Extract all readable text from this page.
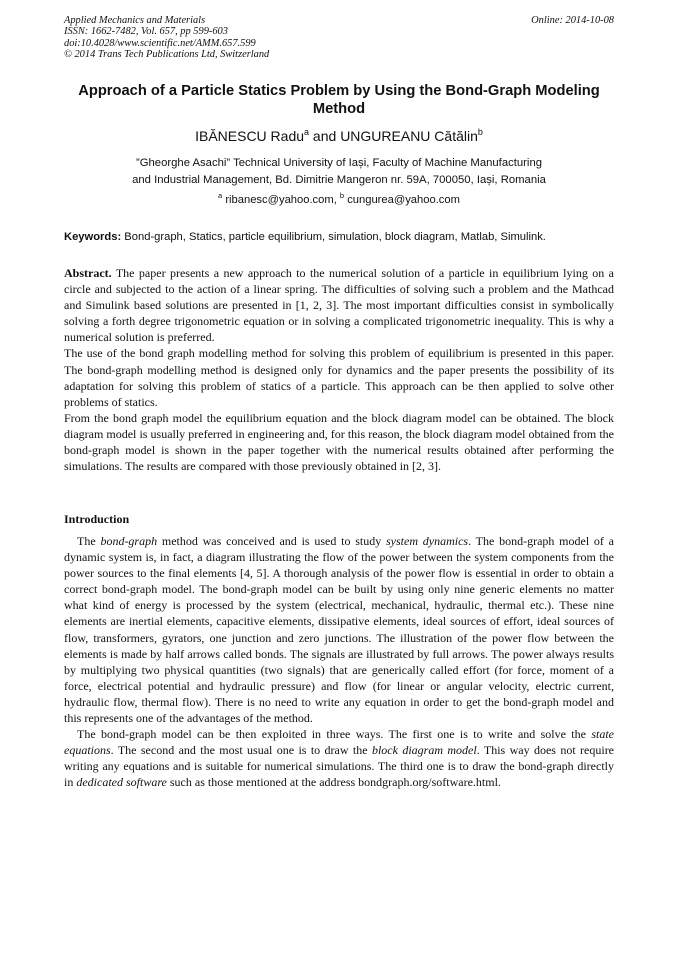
Applied Mechanics and Materials
ISSN: 1662-7482, Vol. 657, pp 599-603
doi:10.4028/www.scientific.net/AMM.657.599
© 2014 Trans Tech Publications Ltd, Switzerland
Online: 2014-10-08
Approach of a Particle Statics Problem by Using the Bond-Graph Modeling Method
IBĂNESCU Radu$^a$ and UNGUREANU Cătălin$^b$
”Gheorghe Asachi” Technical University of Iași, Faculty of Machine Manufacturing
and Industrial Management, Bd. Dimitrie Mangeron nr. 59A, 700050, Iași, Romania
$^a$ ribanesc@yahoo.com, $^b$ cungurea@yahoo.com
Keywords: Bond-graph, Statics, particle equilibrium, simulation, block diagram, Matlab, Simulink.

Abstract. The paper presents a new approach to the numerical solution of a particle in equilibrium lying on a circle and subjected to the action of a linear spring. The difficulties of solving such a problem and the Mathcad and Simulink based solutions are presented in [1, 2, 3]. The most important difficulties consist in symbolically solving a forth degree trigonometric equation or in solving a complicated trigonometric inequality. This is why a numerical solution is preferred.

The use of the bond graph modelling method for solving this problem of equilibrium is presented in this paper. The bond-graph modelling method is designed only for dynamics and the paper presents the possibility of its adaptation for solving this problem of statics of a particle. This approach can be then applied to solve other problems of statics.

From the bond graph model the equilibrium equation and the block diagram model can be obtained. The block diagram model is usually preferred in engineering and, for this reason, the block diagram model obtained from the bond-graph model is shown in the paper together with the numerical results obtained after performing the simulations. The results are compared with those previously obtained in [2, 3].

Introduction

The bond-graph method was conceived and is used to study system dynamics. The bond-graph model of a dynamic system is, in fact, a diagram illustrating the flow of the power between the system components from the power sources to the final elements [4, 5]. A thorough analysis of the power flow is essential in order to obtain a correct bond-graph model. The bond-graph model can be built by using only nine generic elements no matter what kind of energy is processed by the system (electrical, mechanical, hydraulic, thermal etc.). These nine elements are inertial elements, capacitive elements, dissipative elements, ideal sources of effort, ideal sources of flow, transformers, gyrators, one junction and zero junctions. The illustration of the power flow between the elements is made by half arrows called bonds. The signals are illustrated by full arrows. The power always results by multiplying two physical quantities (two signals) that are generically called effort (for force, moment of a force, electrical potential and hydraulic pressure) and flow (for linear or angular velocity, electric current, hydraulic flow, thermal flow). There is no need to write any equation in order to get the bond-graph model and this represents one of the advantages of the method.

The bond-graph model can be then exploited in three ways. The first one is to write and solve the state equations. The second and the most usual one is to draw the block diagram model. This way does not require writing any equations and is suitable for numerical simulations. The third one is to draw the bond-graph directly in dedicated software such as those mentioned at the address bondgraph.org/software.html.
